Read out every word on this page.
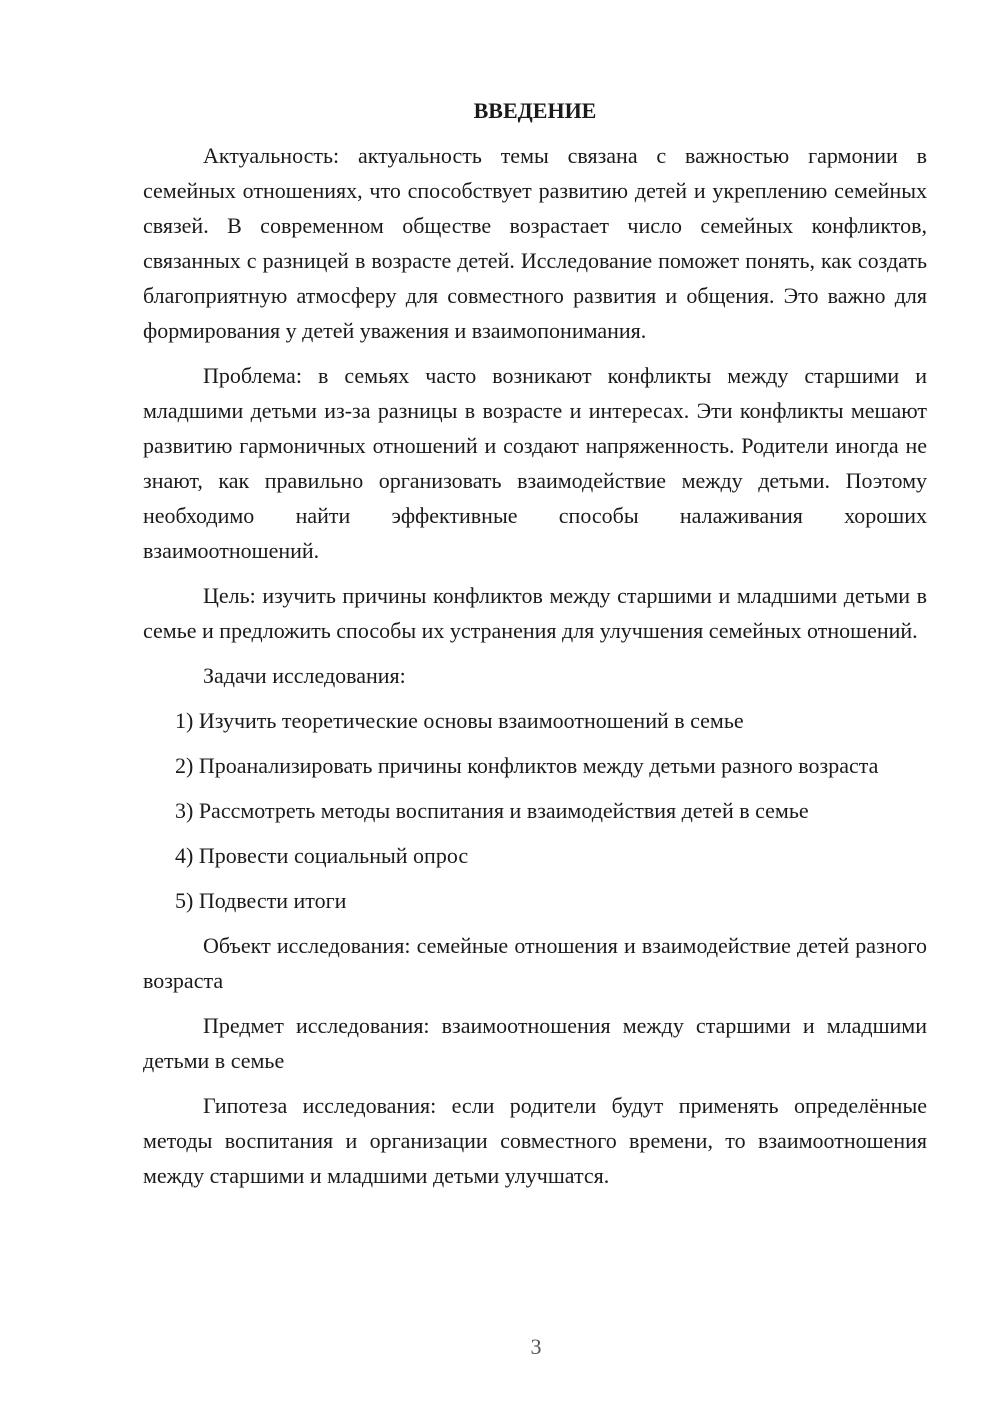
ВВЕДЕНИЕ

Актуальность: актуальность темы связана с важностью гармонии в семейных отношениях, что способствует развитию детей и укреплению семейных связей. В современном обществе возрастает число семейных конфликтов, связанных с разницей в возрасте детей. Исследование поможет понять, как создать благоприятную атмосферу для совместного развития и общения. Это важно для формирования у детей уважения и взаимопонимания.

Проблема: в семьях часто возникают конфликты между старшими и младшими детьми из-за разницы в возрасте и интересах. Эти конфликты мешают развитию гармоничных отношений и создают напряженность. Родители иногда не знают, как правильно организовать взаимодействие между детьми. Поэтому необходимо найти эффективные способы налаживания хороших взаимоотношений.

Цель: изучить причины конфликтов между старшими и младшими детьми в семье и предложить способы их устранения для улучшения семейных отношений.

Задачи исследования:

1) Изучить теоретические основы взаимоотношений в семье

2) Проанализировать причины конфликтов между детьми разного возраста

3) Рассмотреть методы воспитания и взаимодействия детей в семье

4) Провести социальный опрос

5) Подвести итоги

Объект исследования: семейные отношения и взаимодействие детей разного возраста

Предмет исследования: взаимоотношения между старшими и младшими детьми в семье

Гипотеза исследования: если родители будут применять определённые методы воспитания и организации совместного времени, то взаимоотношения между старшими и младшими детьми улучшатся.

3
